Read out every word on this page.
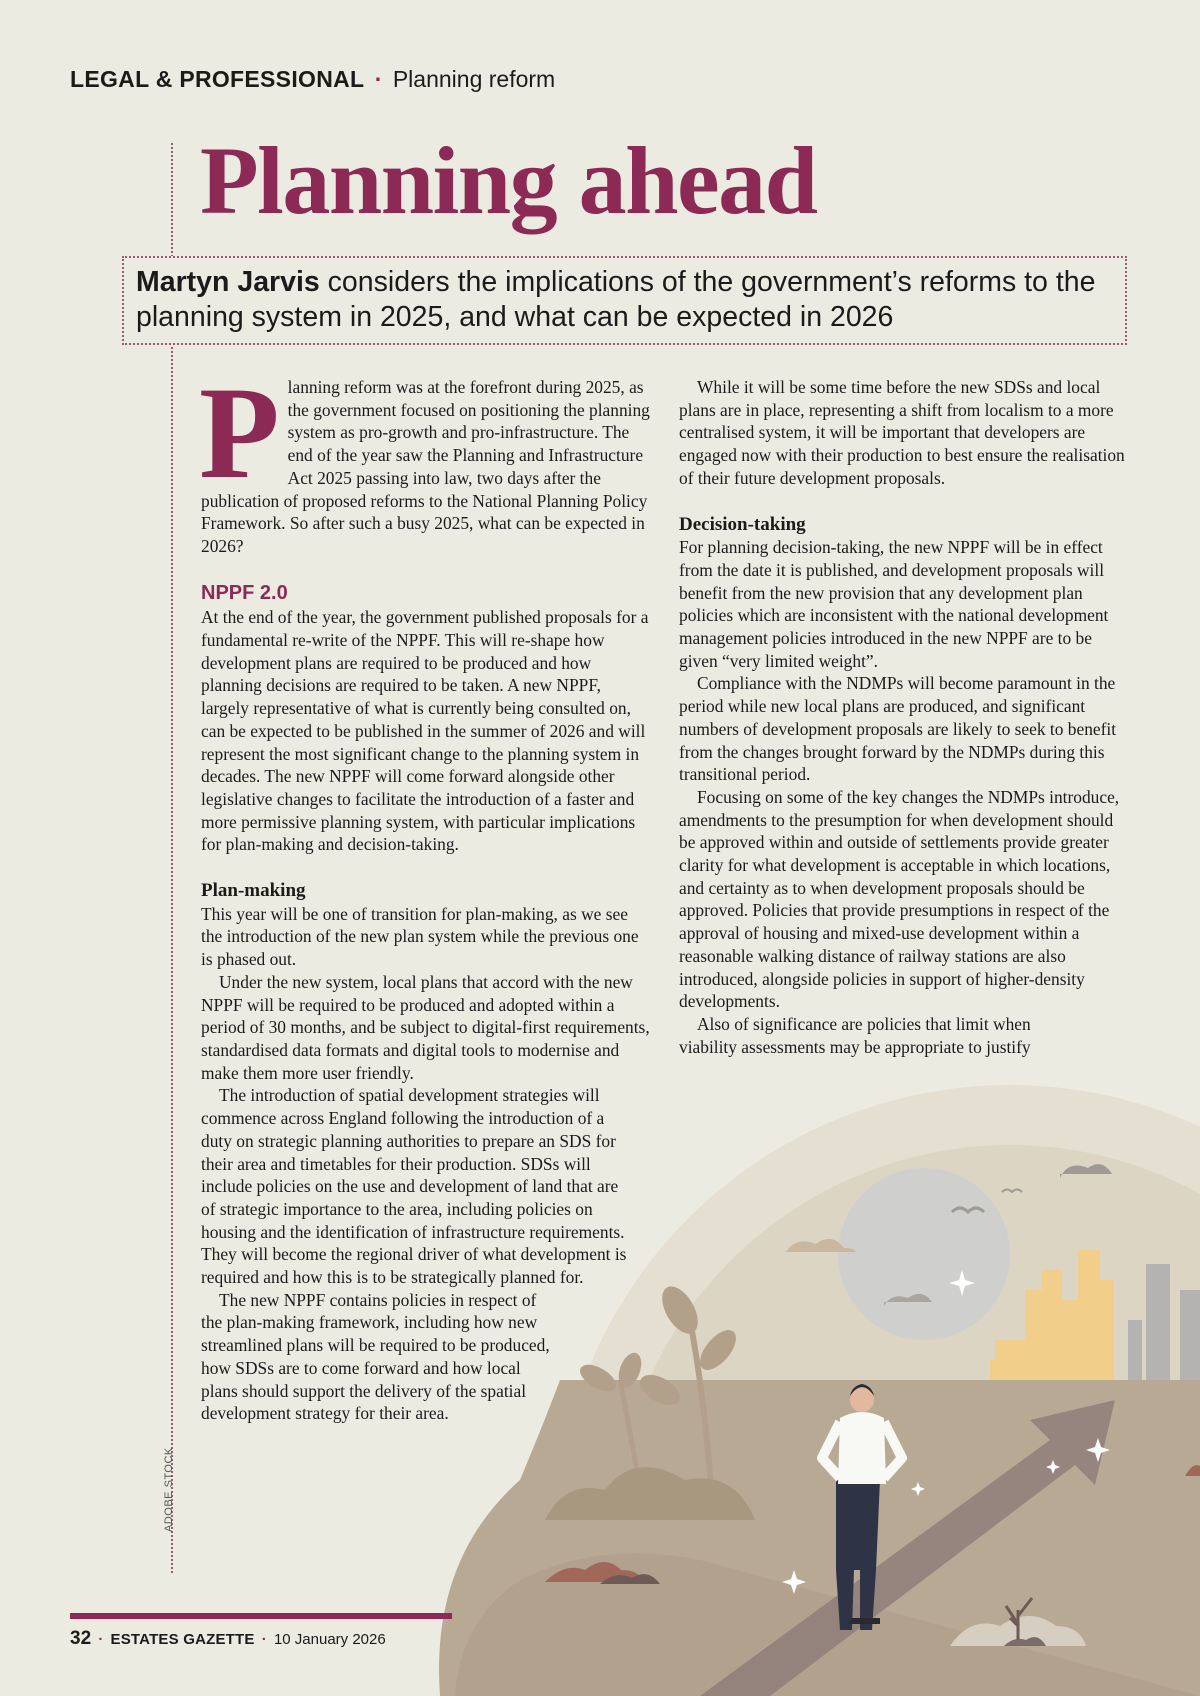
LEGAL & PROFESSIONAL · Planning reform
Planning ahead
Martyn Jarvis considers the implications of the government’s reforms to the planning system in 2025, and what can be expected in 2026

Planning reform was at the forefront during 2025, as the government focused on positioning the planning system as pro-growth and pro-infrastructure. The end of the year saw the Planning and Infrastructure Act 2025 passing into law, two days after the publication of proposed reforms to the National Planning Policy Framework. So after such a busy 2025, what can be expected in 2026?

NPPF 2.0

At the end of the year, the government published proposals for a fundamental re-write of the NPPF. This will re-shape how development plans are required to be produced and how planning decisions are required to be taken. A new NPPF, largely representative of what is currently being consulted on, can be expected to be published in the summer of 2026 and will represent the most significant change to the planning system in decades. The new NPPF will come forward alongside other legislative changes to facilitate the introduction of a faster and more permissive planning system, with particular implications for plan-making and decision-taking.

Plan-making

This year will be one of transition for plan-making, as we see the introduction of the new plan system while the previous one is phased out.

Under the new system, local plans that accord with the new NPPF will be required to be produced and adopted within a period of 30 months, and be subject to digital-first requirements, standardised data formats and digital tools to modernise and make them more user friendly.

The introduction of spatial development strategies will commence across England following the introduction of a duty on strategic planning authorities to prepare an SDS for their area and timetables for their production. SDSs will include policies on the use and development of land that are of strategic importance to the area, including policies on housing and the identification of infrastructure requirements. They will become the regional driver of what development is required and how this is to be strategically planned for.

The new NPPF contains policies in respect of the plan-making framework, including how new streamlined plans will be required to be produced, how SDSs are to come forward and how local plans should support the delivery of the spatial development strategy for their area.

While it will be some time before the new SDSs and local plans are in place, representing a shift from localism to a more centralised system, it will be important that developers are engaged now with their production to best ensure the realisation of their future development proposals.

Decision-taking

For planning decision-taking, the new NPPF will be in effect from the date it is published, and development proposals will benefit from the new provision that any development plan policies which are inconsistent with the national development management policies introduced in the new NPPF are to be given “very limited weight”.

Compliance with the NDMPs will become paramount in the period while new local plans are produced, and significant numbers of development proposals are likely to seek to benefit from the changes brought forward by the NDMPs during this transitional period.

Focusing on some of the key changes the NDMPs introduce, amendments to the presumption for when development should be approved within and outside of settlements provide greater clarity for what development is acceptable in which locations, and certainty as to when development proposals should be approved. Policies that provide presumptions in respect of the approval of housing and mixed-use development within a reasonable walking distance of railway stations are also introduced, alongside policies in support of higher-density developments.

Also of significance are policies that limit when viability assessments may be appropriate to justify

ADOBE STOCK
32 · ESTATES GAZETTE · 10 January 2026
